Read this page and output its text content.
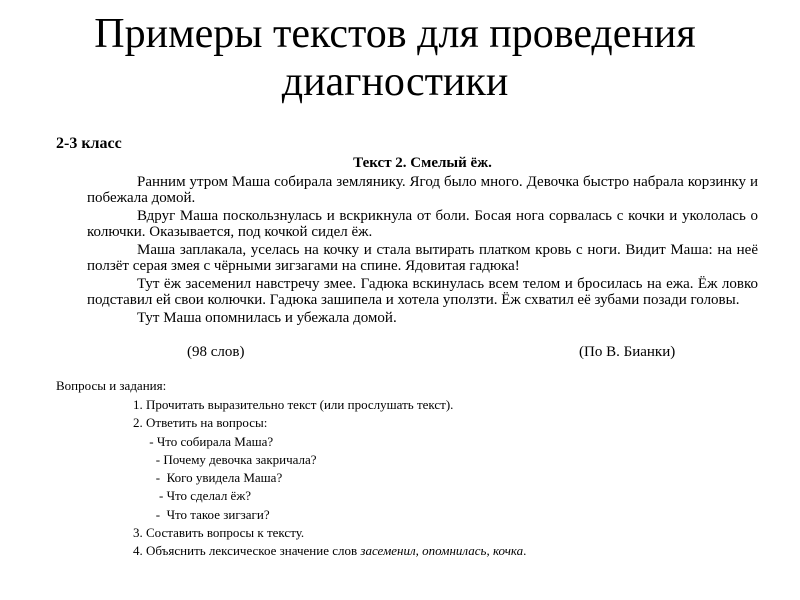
Примеры текстов для проведения
диагностики
2-3 класс
Текст 2. Смелый ёж.

Ранним утром Маша собирала землянику. Ягод было много. Девочка быстро набрала корзинку и побежала домой.

Вдруг Маша поскользнулась и вскрикнула от боли. Босая нога сорвалась с кочки и укололась о колючки. Оказывается, под кочкой сидел ёж.

Маша заплакала, уселась на кочку и стала вытирать платком кровь с ноги. Видит Маша: на неё ползёт серая змея с чёрными зигзагами на спине. Ядовитая гадюка!

Тут ёж засеменил навстречу змее. Гадюка вскинулась всем телом и бросилась на ежа. Ёж ловко подставил ей свои колючки. Гадюка зашипела и хотела уползти. Ёж схватил её зубами позади головы.

Тут Маша опомнилась и убежала домой.

(98 слов)	(По В. Бианки)
Вопросы и задания:
1. Прочитать выразительно текст (или прослушать текст).
2. Ответить на вопросы:
- Что собирала Маша?
- Почему девочка закричала?
-  Кого увидела Маша?
- Что сделал ёж?
-  Что такое зигзаги?
3. Составить вопросы к тексту.
4. Объяснить лексическое значение слов засеменил, опомнилась, кочка.
